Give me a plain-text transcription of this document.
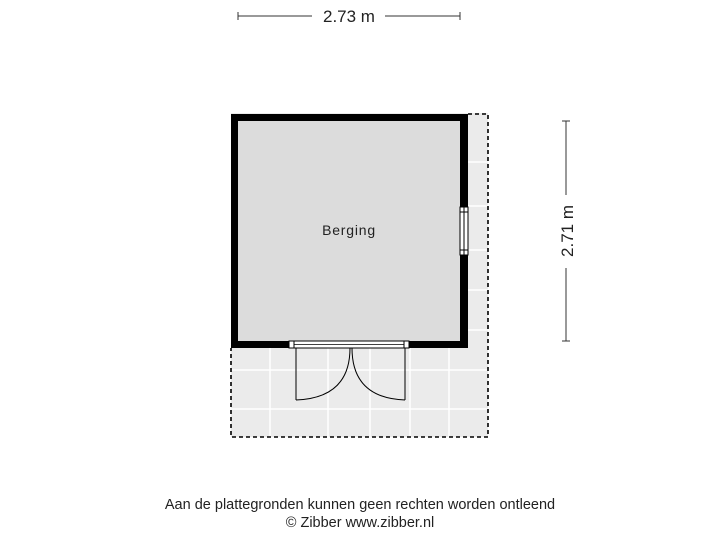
Berging
2.73 m
2.71 m
Aan de plattegronden kunnen geen rechten worden ontleend
© Zibber www.zibber.nl
